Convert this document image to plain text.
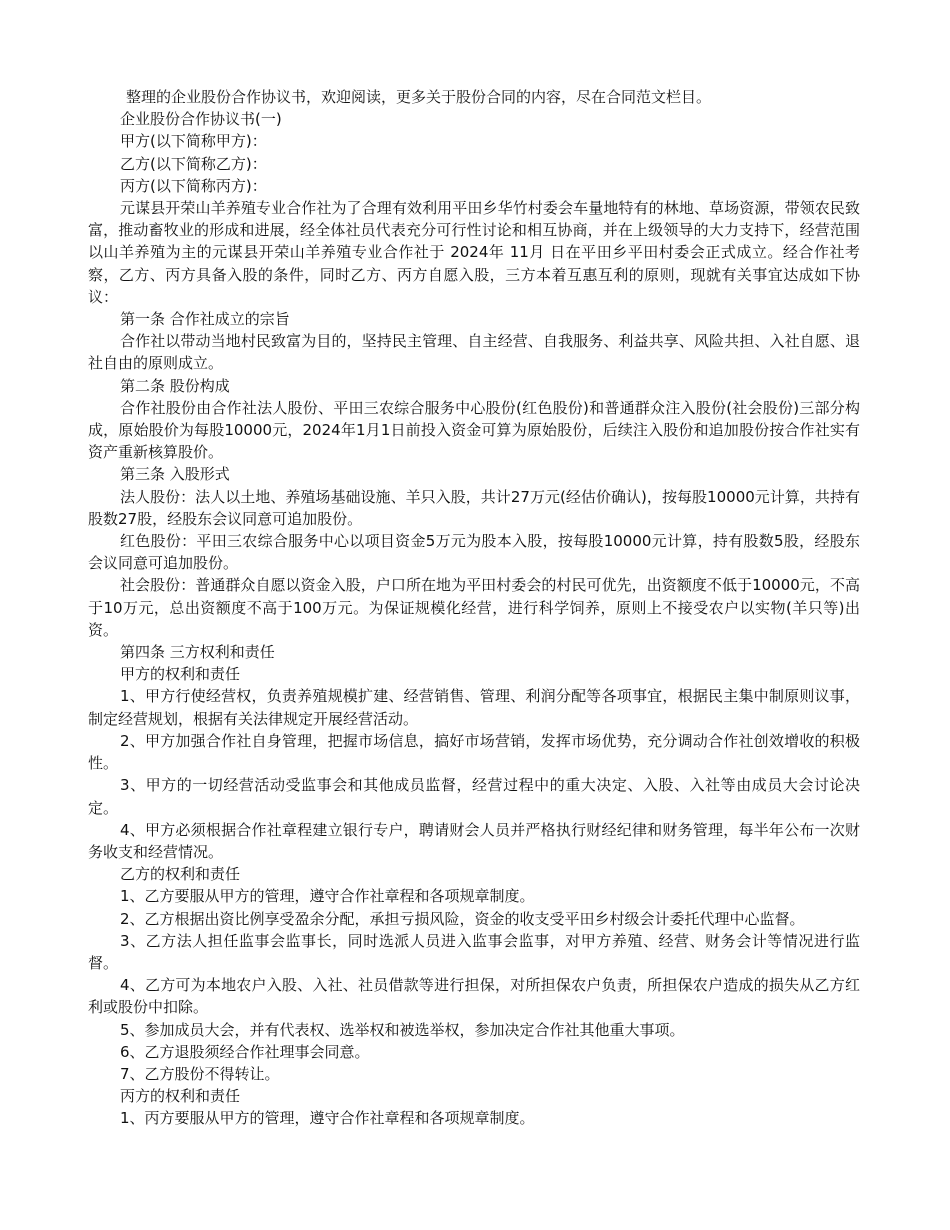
整理的企业股份合作协议书，欢迎阅读，更多关于股份合同的内容，尽在合同范文栏目。

企业股份合作协议书(一)

甲方(以下简称甲方)：

乙方(以下简称乙方)：

丙方(以下简称丙方)：

元谋县开荣山羊养殖专业合作社为了合理有效利用平田乡华竹村委会车量地特有的林地、草场资源，带领农民致富，推动畜牧业的形成和进展，经全体社员代表充分可行性讨论和相互协商，并在上级领导的大力支持下，经营范围以山羊养殖为主的元谋县开荣山羊养殖专业合作社于 2024年 11月 日在平田乡平田村委会正式成立。经合作社考察，乙方、丙方具备入股的条件，同时乙方、丙方自愿入股，三方本着互惠互利的原则，现就有关事宜达成如下协议：

第一条 合作社成立的宗旨

合作社以带动当地村民致富为目的，坚持民主管理、自主经营、自我服务、利益共享、风险共担、入社自愿、退社自由的原则成立。

第二条 股份构成

合作社股份由合作社法人股份、平田三农综合服务中心股份(红色股份)和普通群众注入股份(社会股份)三部分构成，原始股价为每股10000元，2024年1月1日前投入资金可算为原始股份，后续注入股份和追加股份按合作社实有资产重新核算股价。

第三条 入股形式

法人股份：法人以土地、养殖场基础设施、羊只入股，共计27万元(经估价确认)，按每股10000元计算，共持有股数27股，经股东会议同意可追加股份。

红色股份：平田三农综合服务中心以项目资金5万元为股本入股，按每股10000元计算，持有股数5股，经股东会议同意可追加股份。

社会股份：普通群众自愿以资金入股，户口所在地为平田村委会的村民可优先，出资额度不低于10000元，不高于10万元，总出资额度不高于100万元。为保证规模化经营，进行科学饲养，原则上不接受农户以实物(羊只等)出资。

第四条 三方权利和责任

甲方的权利和责任

1、甲方行使经营权，负责养殖规模扩建、经营销售、管理、利润分配等各项事宜，根据民主集中制原则议事，制定经营规划，根据有关法律规定开展经营活动。

2、甲方加强合作社自身管理，把握市场信息，搞好市场营销，发挥市场优势，充分调动合作社创效增收的积极性。

3、甲方的一切经营活动受监事会和其他成员监督，经营过程中的重大决定、入股、入社等由成员大会讨论决定。

4、甲方必须根据合作社章程建立银行专户，聘请财会人员并严格执行财经纪律和财务管理，每半年公布一次财务收支和经营情况。

乙方的权利和责任

1、乙方要服从甲方的管理，遵守合作社章程和各项规章制度。

2、乙方根据出资比例享受盈余分配，承担亏损风险，资金的收支受平田乡村级会计委托代理中心监督。

3、乙方法人担任监事会监事长，同时选派人员进入监事会监事，对甲方养殖、经营、财务会计等情况进行监督。

4、乙方可为本地农户入股、入社、社员借款等进行担保，对所担保农户负责，所担保农户造成的损失从乙方红利或股份中扣除。

5、参加成员大会，并有代表权、选举权和被选举权，参加决定合作社其他重大事项。

6、乙方退股须经合作社理事会同意。

7、乙方股份不得转让。

丙方的权利和责任

1、丙方要服从甲方的管理，遵守合作社章程和各项规章制度。
